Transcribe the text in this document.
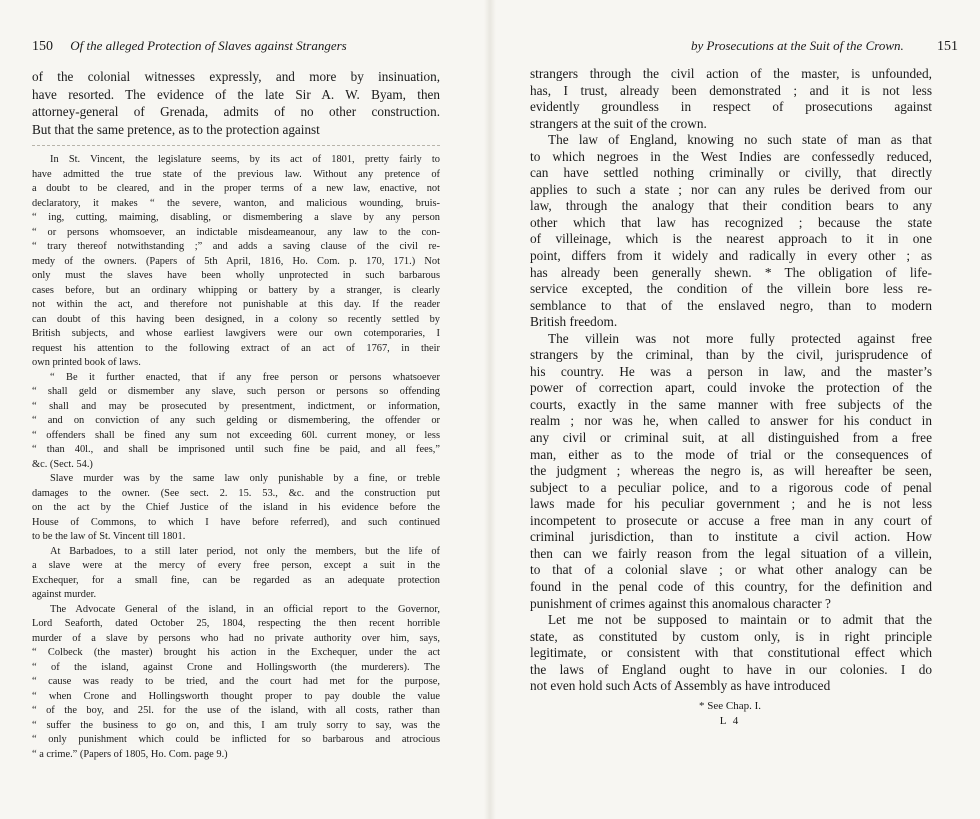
150 Of the alleged Protection of Slaves against Strangers
of the colonial witnesses expressly, and more by insinuation,
have resorted. The evidence of the late Sir A. W. Byam, then
attorney-general of Grenada, admits of no other construction.
But that the same pretence, as to the protection against
In St. Vincent, the legislature seems, by its act of 1801, pretty fairly to
have admitted the true state of the previous law. Without any pretence of
a doubt to be cleared, and in the proper terms of a new law, enactive, not
declaratory, it makes “ the severe, wanton, and malicious wounding, bruis-
“ ing, cutting, maiming, disabling, or dismembering a slave by any person
“ or persons whomsoever, an indictable misdeameanour, any law to the con-
“ trary thereof notwithstanding ;” and adds a saving clause of the civil re-
medy of the owners. (Papers of 5th April, 1816, Ho. Com. p. 170, 171.) Not
only must the slaves have been wholly unprotected in such barbarous
cases before, but an ordinary whipping or battery by a stranger, is clearly
not within the act, and therefore not punishable at this day. If the reader
can doubt of this having been designed, in a colony so recently settled by
British subjects, and whose earliest lawgivers were our own cotemporaries, I
request his attention to the following extract of an act of 1767, in their
own printed book of laws.
“ Be it further enacted, that if any free person or persons whatsoever
“ shall geld or dismember any slave, such person or persons so offending
“ shall and may be prosecuted by presentment, indictment, or information,
“ and on conviction of any such gelding or dismembering, the offender or
“ offenders shall be fined any sum not exceeding 60l. current money, or less
“ than 40l., and shall be imprisoned until such fine be paid, and all fees,”
&c. (Sect. 54.)
Slave murder was by the same law only punishable by a fine, or treble
damages to the owner. (See sect. 2. 15. 53., &c. and the construction put
on the act by the Chief Justice of the island in his evidence before the
House of Commons, to which I have before referred), and such continued
to be the law of St. Vincent till 1801.
At Barbadoes, to a still later period, not only the members, but the life of
a slave were at the mercy of every free person, except a suit in the
Exchequer, for a small fine, can be regarded as an adequate protection
against murder.
The Advocate General of the island, in an official report to the Governor,
Lord Seaforth, dated October 25, 1804, respecting the then recent horrible
murder of a slave by persons who had no private authority over him, says,
“ Colbeck (the master) brought his action in the Exchequer, under the act
“ of the island, against Crone and Hollingsworth (the murderers). The
“ cause was ready to be tried, and the court had met for the purpose,
“ when Crone and Hollingsworth thought proper to pay double the value
“ of the boy, and 25l. for the use of the island, with all costs, rather than
“ suffer the business to go on, and this, I am truly sorry to say, was the
“ only punishment which could be inflicted for so barbarous and atrocious
“ a crime.” (Papers of 1805, Ho. Com. page 9.)
by Prosecutions at the Suit of the Crown. 151
strangers through the civil action of the master, is unfounded,
has, I trust, already been demonstrated ; and it is not less
evidently groundless in respect of prosecutions against
strangers at the suit of the crown.
The law of England, knowing no such state of man as that
to which negroes in the West Indies are confessedly reduced,
can have settled nothing criminally or civilly, that directly
applies to such a state ; nor can any rules be derived from our
law, through the analogy that their condition bears to any
other which that law has recognized ; because the state
of villeinage, which is the nearest approach to it in one
point, differs from it widely and radically in every other ; as
has already been generally shewn. * The obligation of life-
service excepted, the condition of the villein bore less re-
semblance to that of the enslaved negro, than to modern
British freedom.
The villein was not more fully protected against free
strangers by the criminal, than by the civil, jurisprudence of
his country. He was a person in law, and the master’s
power of correction apart, could invoke the protection of the
courts, exactly in the same manner with free subjects of the
realm ; nor was he, when called to answer for his conduct in
any civil or criminal suit, at all distinguished from a free
man, either as to the mode of trial or the consequences of
the judgment ; whereas the negro is, as will hereafter be seen,
subject to a peculiar police, and to a rigorous code of penal
laws made for his peculiar government ; and he is not less
incompetent to prosecute or accuse a free man in any court of
criminal jurisdiction, than to institute a civil action. How
then can we fairly reason from the legal situation of a villein,
to that of a colonial slave ; or what other analogy can be
found in the penal code of this country, for the definition and
punishment of crimes against this anomalous character ?
Let me not be supposed to maintain or to admit that the
state, as constituted by custom only, is in right principle
legitimate, or consistent with that constitutional effect which
the laws of England ought to have in our colonies. I do
not even hold such Acts of Assembly as have introduced
* See Chap. I.
L 4
